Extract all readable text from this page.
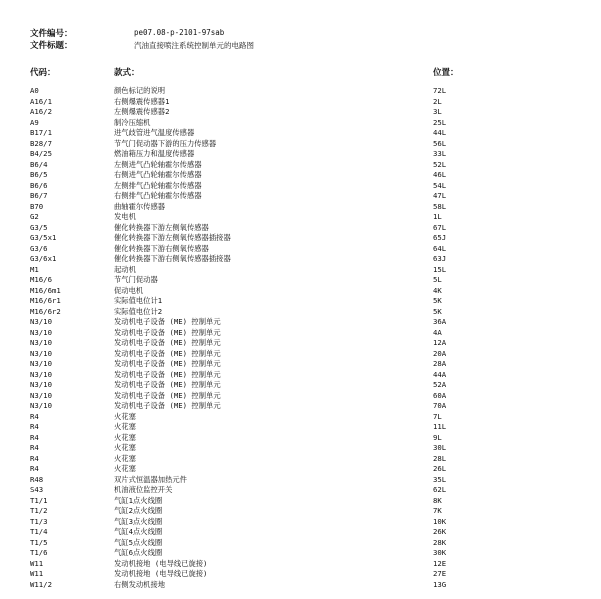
文件编号：	pe07.08-p-2101-97sab
文件标题：	汽油直接喷注系统控制单元的电路图
代码：	款式：	位置：
A0	颜色标记的说明	72L
A16/1	右侧爆震传感器1	2L
A16/2	左侧爆震传感器2	3L
A9	制冷压缩机	25L
B17/1	进气歧管进气温度传感器	44L
B28/7	节气门促动器下游的压力传感器	56L
B4/25	燃油箱压力和温度传感器	33L
B6/4	左侧进气凸轮轴霍尔传感器	52L
B6/5	右侧进气凸轮轴霍尔传感器	46L
B6/6	左侧排气凸轮轴霍尔传感器	54L
B6/7	右侧排气凸轮轴霍尔传感器	47L
B70	曲轴霍尔传感器	58L
G2	发电机	1L
G3/5	催化转换器下游左侧氧传感器	67L
G3/5x1	催化转换器下游左侧氧传感器插接器	65J
G3/6	催化转换器下游右侧氧传感器	64L
G3/6x1	催化转换器下游右侧氧传感器插接器	63J
M1	起动机	15L
M16/6	节气门促动器	5L
M16/6m1	促动电机	4K
M16/6r1	实际值电位计1	5K
M16/6r2	实际值电位计2	5K
N3/10	发动机电子设备 (ME) 控制单元	36A
N3/10	发动机电子设备 (ME) 控制单元	4A
N3/10	发动机电子设备 (ME) 控制单元	12A
N3/10	发动机电子设备 (ME) 控制单元	20A
N3/10	发动机电子设备 (ME) 控制单元	28A
N3/10	发动机电子设备 (ME) 控制单元	44A
N3/10	发动机电子设备 (ME) 控制单元	52A
N3/10	发动机电子设备 (ME) 控制单元	60A
N3/10	发动机电子设备 (ME) 控制单元	70A
R4	火花塞	7L
R4	火花塞	11L
R4	火花塞	9L
R4	火花塞	30L
R4	火花塞	28L
R4	火花塞	26L
R48	双片式恒温器加热元件	35L
S43	机油液位监控开关	62L
T1/1	气缸1点火线圈	8K
T1/2	气缸2点火线圈	7K
T1/3	气缸3点火线圈	10K
T1/4	气缸4点火线圈	26K
T1/5	气缸5点火线圈	28K
T1/6	气缸6点火线圈	30K
W11	发动机接地 (电导线已旋接)	12E
W11	发动机接地 (电导线已旋接)	27E
W11/2	右侧发动机接地	13G
